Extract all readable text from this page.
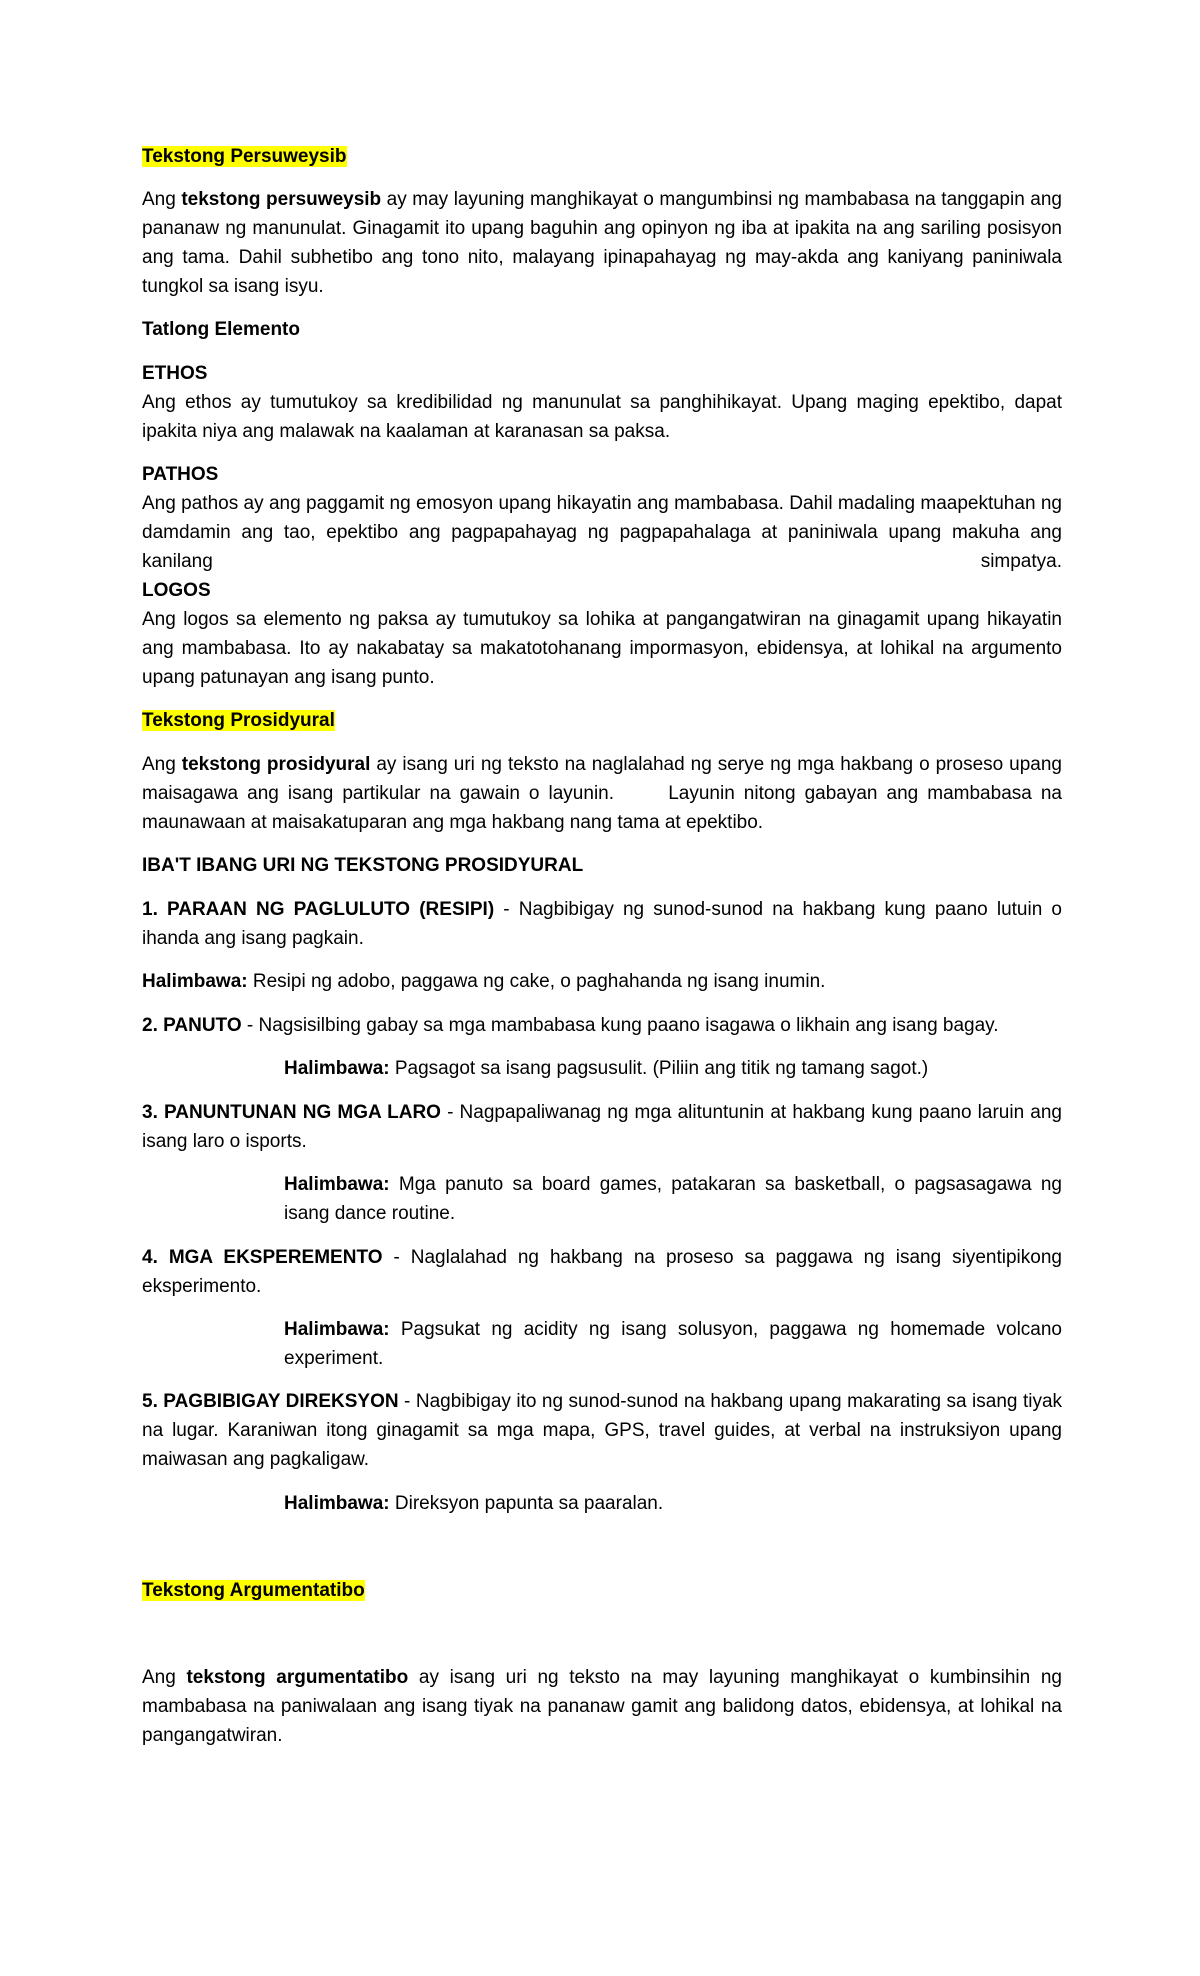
Tekstong Persuweysib
Ang tekstong persuweysib ay may layuning manghikayat o mangumbinsi ng mambabasa na tanggapin ang pananaw ng manunulat. Ginagamit ito upang baguhin ang opinyon ng iba at ipakita na ang sariling posisyon ang tama. Dahil subhetibo ang tono nito, malayang ipinapahayag ng may-akda ang kaniyang paniniwala tungkol sa isang isyu.
Tatlong Elemento
ETHOS
Ang ethos ay tumutukoy sa kredibilidad ng manunulat sa panghihikayat. Upang maging epektibo, dapat ipakita niya ang malawak na kaalaman at karanasan sa paksa.
PATHOS
Ang pathos ay ang paggamit ng emosyon upang hikayatin ang mambabasa. Dahil madaling maapektuhan ng damdamin ang tao, epektibo ang pagpapahayag ng pagpapahalaga at paniniwala upang makuha ang kanilang	simpatya.
LOGOS
Ang logos sa elemento ng paksa ay tumutukoy sa lohika at pangangatwiran na ginagamit upang hikayatin ang mambabasa. Ito ay nakabatay sa makatotohanang impormasyon, ebidensya, at lohikal na argumento upang patunayan ang isang punto.
Tekstong Prosidyural
Ang tekstong prosidyural ay isang uri ng teksto na naglalahad ng serye ng mga hakbang o proseso upang maisagawa ang isang partikular na gawain o layunin.      Layunin nitong gabayan ang mambabasa na maunawaan at maisakatuparan ang mga hakbang nang tama at epektibo.
IBA'T IBANG URI NG TEKSTONG PROSIDYURAL
1. PARAAN NG PAGLULUTO (RESIPI) - Nagbibigay ng sunod-sunod na hakbang kung paano lutuin o ihanda ang isang pagkain.
Halimbawa: Resipi ng adobo, paggawa ng cake, o paghahanda ng isang inumin.
2. PANUTO - Nagsisilbing gabay sa mga mambabasa kung paano isagawa o likhain ang isang bagay.
Halimbawa: Pagsagot sa isang pagsusulit. (Piliin ang titik ng tamang sagot.)
3. PANUNTUNAN NG MGA LARO - Nagpapaliwanag ng mga alituntunin at hakbang kung paano laruin ang isang laro o isports.
Halimbawa: Mga panuto sa board games, patakaran sa basketball, o pagsasagawa ng isang dance routine.
4. MGA EKSPEREMENTO - Naglalahad ng hakbang na proseso sa paggawa ng isang siyentipikong eksperimento.
Halimbawa: Pagsukat ng acidity ng isang solusyon, paggawa ng homemade volcano experiment.
5. PAGBIBIGAY DIREKSYON - Nagbibigay ito ng sunod-sunod na hakbang upang makarating sa isang tiyak na lugar. Karaniwan itong ginagamit sa mga mapa, GPS, travel guides, at verbal na instruksiyon upang maiwasan ang pagkaligaw.
Halimbawa: Direksyon papunta sa paaralan.
Tekstong Argumentatibo
Ang tekstong argumentatibo ay isang uri ng teksto na may layuning manghikayat o kumbinsihin ng mambabasa na paniwalaan ang isang tiyak na pananaw gamit ang balidong datos, ebidensya, at lohikal na pangangatwiran.
